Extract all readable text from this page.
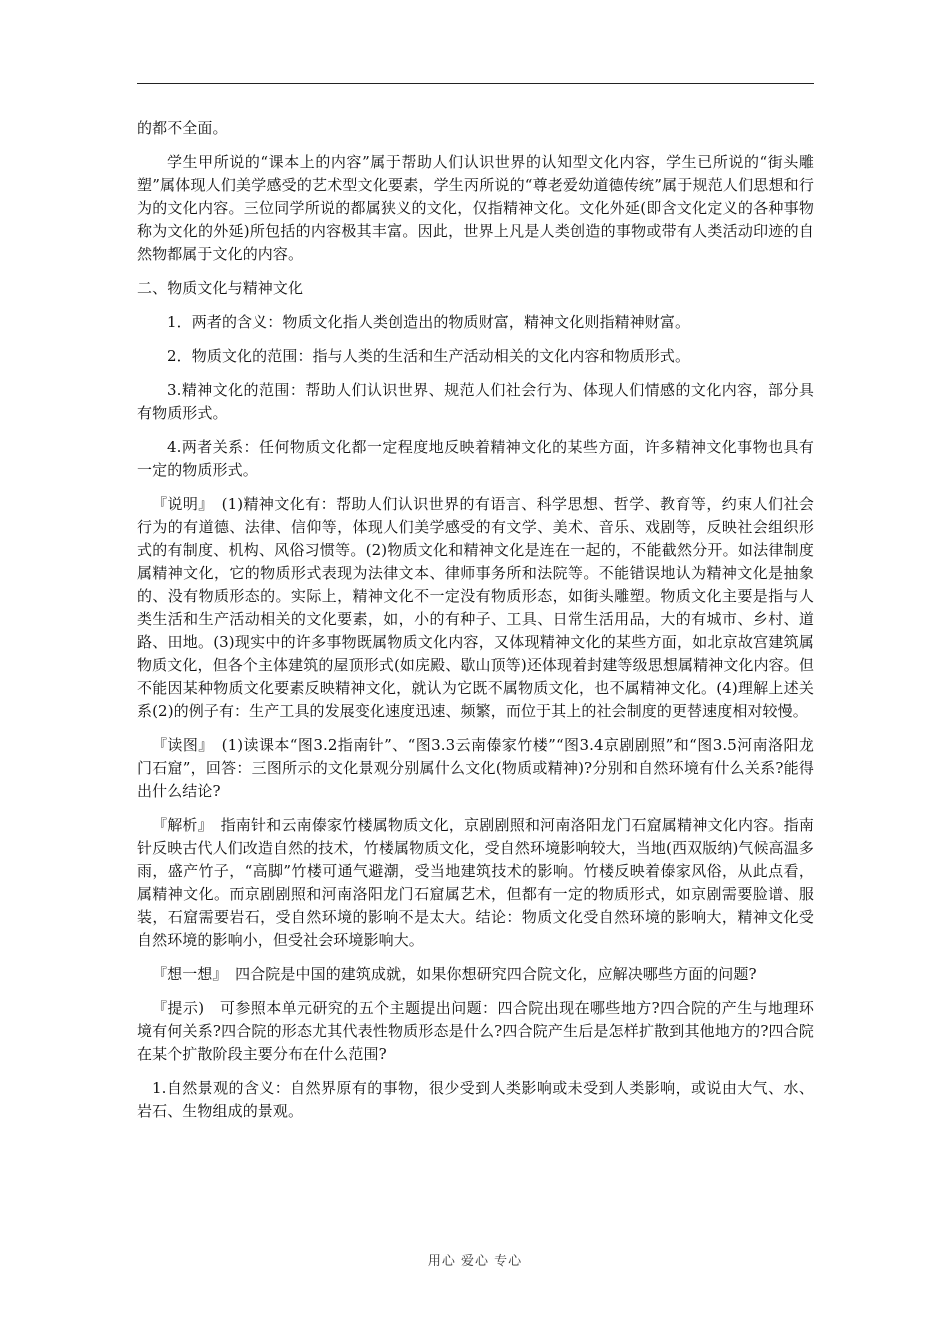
的都不全面。

学生甲所说的“课本上的内容”属于帮助人们认识世界的认知型文化内容，学生已所说的“街头雕塑”属体现人们美学感受的艺术型文化要素，学生丙所说的“尊老爱幼道德传统”属于规范人们思想和行为的文化内容。三位同学所说的都属狭义的文化，仅指精神文化。文化外延(即含文化定义的各种事物称为文化的外延)所包括的内容极其丰富。因此，世界上凡是人类创造的事物或带有人类活动印迹的自然物都属于文化的内容。

二、物质文化与精神文化

1．两者的含义：物质文化指人类创造出的物质财富，精神文化则指精神财富。

2．物质文化的范围：指与人类的生活和生产活动相关的文化内容和物质形式。

3.精神文化的范围：帮助人们认识世界、规范人们社会行为、体现人们情感的文化内容，部分具有物质形式。

4.两者关系：任何物质文化都一定程度地反映着精神文化的某些方面，许多精神文化事物也具有一定的物质形式。

『说明』　(1)精神文化有：帮助人们认识世界的有语言、科学思想、哲学、教育等，约束人们社会行为的有道德、法律、信仰等，体现人们美学感受的有文学、美术、音乐、戏剧等，反映社会组织形式的有制度、机构、风俗习惯等。(2)物质文化和精神文化是连在一起的，不能截然分开。如法律制度属精神文化，它的物质形式表现为法律文本、律师事务所和法院等。不能错误地认为精神文化是抽象的、没有物质形态的。实际上，精神文化不一定没有物质形态，如街头雕塑。物质文化主要是指与人类生活和生产活动相关的文化要素，如，小的有种子、工具、日常生活用品，大的有城市、乡村、道路、田地。(3)现实中的许多事物既属物质文化内容，又体现精神文化的某些方面，如北京故宫建筑属物质文化，但各个主体建筑的屋顶形式(如庑殿、歇山顶等)还体现着封建等级思想属精神文化内容。但不能因某种物质文化要素反映精神文化，就认为它既不属物质文化，也不属精神文化。(4)理解上述关系(2)的例子有：生产工具的发展变化速度迅速、频繁，而位于其上的社会制度的更替速度相对较慢。

『读图』　(1)读课本“图3.2指南针”、“图3.3云南傣家竹楼”“图3.4京剧剧照”和“图3.5河南洛阳龙门石窟”，回答：三图所示的文化景观分别属什么文化(物质或精神)?分别和自然环境有什么关系?能得出什么结论?

『解析』　指南针和云南傣家竹楼属物质文化，京剧剧照和河南洛阳龙门石窟属精神文化内容。指南针反映古代人们改造自然的技术，竹楼属物质文化，受自然环境影响较大，当地(西双版纳)气候高温多雨，盛产竹子，“高脚”竹楼可通气避潮，受当地建筑技术的影响。竹楼反映着傣家风俗，从此点看，属精神文化。而京剧剧照和河南洛阳龙门石窟属艺术，但都有一定的物质形式，如京剧需要脸谱、服装，石窟需要岩石，受自然环境的影响不是太大。结论：物质文化受自然环境的影响大，精神文化受自然环境的影响小，但受社会环境影响大。

『想一想』　四合院是中国的建筑成就，如果你想研究四合院文化，应解决哪些方面的问题?

『提示)　可参照本单元研究的五个主题提出问题：四合院出现在哪些地方?四合院的产生与地理环境有何关系?四合院的形态尤其代表性物质形态是什么?四合院产生后是怎样扩散到其他地方的?四合院在某个扩散阶段主要分布在什么范围?

1.自然景观的含义：自然界原有的事物，很少受到人类影响或未受到人类影响，或说由大气、水、岩石、生物组成的景观。

用心 爱心 专心
